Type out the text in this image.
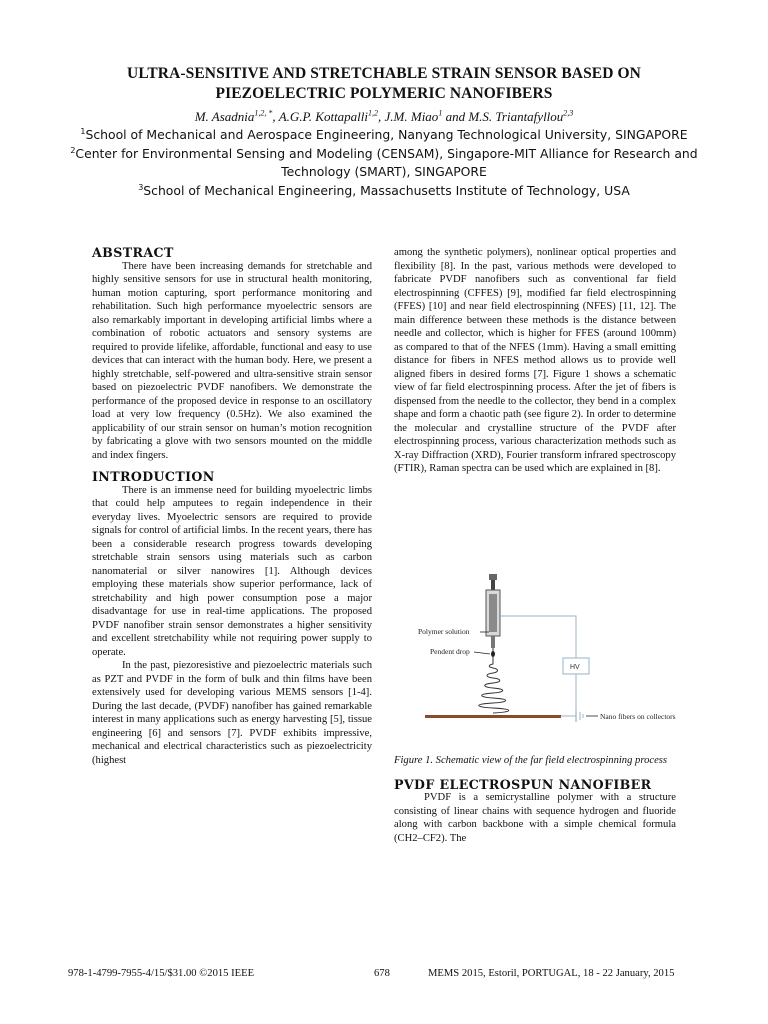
ULTRA-SENSITIVE AND STRETCHABLE STRAIN SENSOR BASED ON PIEZOELECTRIC POLYMERIC NANOFIBERS
M. Asadnia$^{1,2, *}$, A.G.P. Kottapalli$^{1,2}$, J.M. Miao$^1$ and M.S. Triantafyllou$^{2,3}$

$^1$School of Mechanical and Aerospace Engineering, Nanyang Technological University, SINGAPORE

$^2$Center for Environmental Sensing and Modeling (CENSAM), Singapore-MIT Alliance for Research and Technology (SMART), SINGAPORE

$^3$School of Mechanical Engineering, Massachusetts Institute of Technology, USA

ABSTRACT

There have been increasing demands for stretchable and highly sensitive sensors for use in structural health monitoring, human motion capturing, sport performance monitoring and rehabilitation. Such high performance myoelectric sensors are also remarkably important in developing artificial limbs where a combination of robotic actuators and sensory systems are required to provide lifelike, affordable, functional and easy to use devices that can interact with the human body. Here, we present a highly stretchable, self-powered and ultra-sensitive strain sensor based on piezoelectric PVDF nanofibers. We demonstrate the performance of the proposed device in response to an oscillatory load at very low frequency (0.5Hz). We also examined the applicability of our strain sensor on human’s motion recognition by fabricating a glove with two sensors mounted on the middle and index fingers.

INTRODUCTION

There is an immense need for building myoelectric limbs that could help amputees to regain independence in their everyday lives. Myoelectric sensors are required to provide signals for control of artificial limbs. In the recent years, there has been a considerable research progress towards developing stretchable strain sensors using materials such as carbon nanomaterial or silver nanowires [1]. Although devices employing these materials show superior performance, lack of stretchability and high power consumption pose a major disadvantage for use in real-time applications. The proposed PVDF nanofiber strain sensor demonstrates a higher sensitivity and excellent stretchability while not requiring power supply to operate.

In the past, piezoresistive and piezoelectric materials such as PZT and PVDF in the form of bulk and thin films have been extensively used for developing various MEMS sensors [1-4]. During the last decade, (PVDF) nanofiber has gained remarkable interest in many applications such as energy harvesting [5], tissue engineering [6] and sensors [7]. PVDF exhibits impressive, mechanical and electrical characteristics such as piezoelectricity (highest

among the synthetic polymers), nonlinear optical properties and flexibility [8]. In the past, various methods were developed to fabricate PVDF nanofibers such as conventional far field electrospinning (CFFES) [9], modified far field electrospinning (FFES) [10] and near field electrospinning (NFES) [11, 12]. The main difference between these methods is the distance between needle and collector, which is higher for FFES (around 100mm) as compared to that of the NFES (1mm). Having a small emitting distance for fibers in NFES method allows us to provide well aligned fibers in desired forms [7]. Figure 1 shows a schematic view of far field electrospinning process. After the jet of fibers is dispensed from the needle to the collector, they bend in a complex shape and form a chaotic path (see figure 2). In order to determine the molecular and crystalline structure of the PVDF after electrospinning process, various characterization methods such as X-ray Diffraction (XRD), Fourier transform infrared spectroscopy (FTIR), Raman spectra can be used which are explained in [8].

Polymer solution
Pendent drop
HV
Nano fibers on collectors

Figure 1. Schematic view of the far field electrospinning process

PVDF ELECTROSPUN NANOFIBER

PVDF is a semicrystalline polymer with a structure consisting of linear chains with sequence hydrogen and fluoride along with carbon backbone with a simple chemical formula (CH2–CF2). The

978-1-4799-7955-4/15/$31.00 ©2015 IEEE	678	MEMS 2015, Estoril, PORTUGAL, 18 - 22 January, 2015
